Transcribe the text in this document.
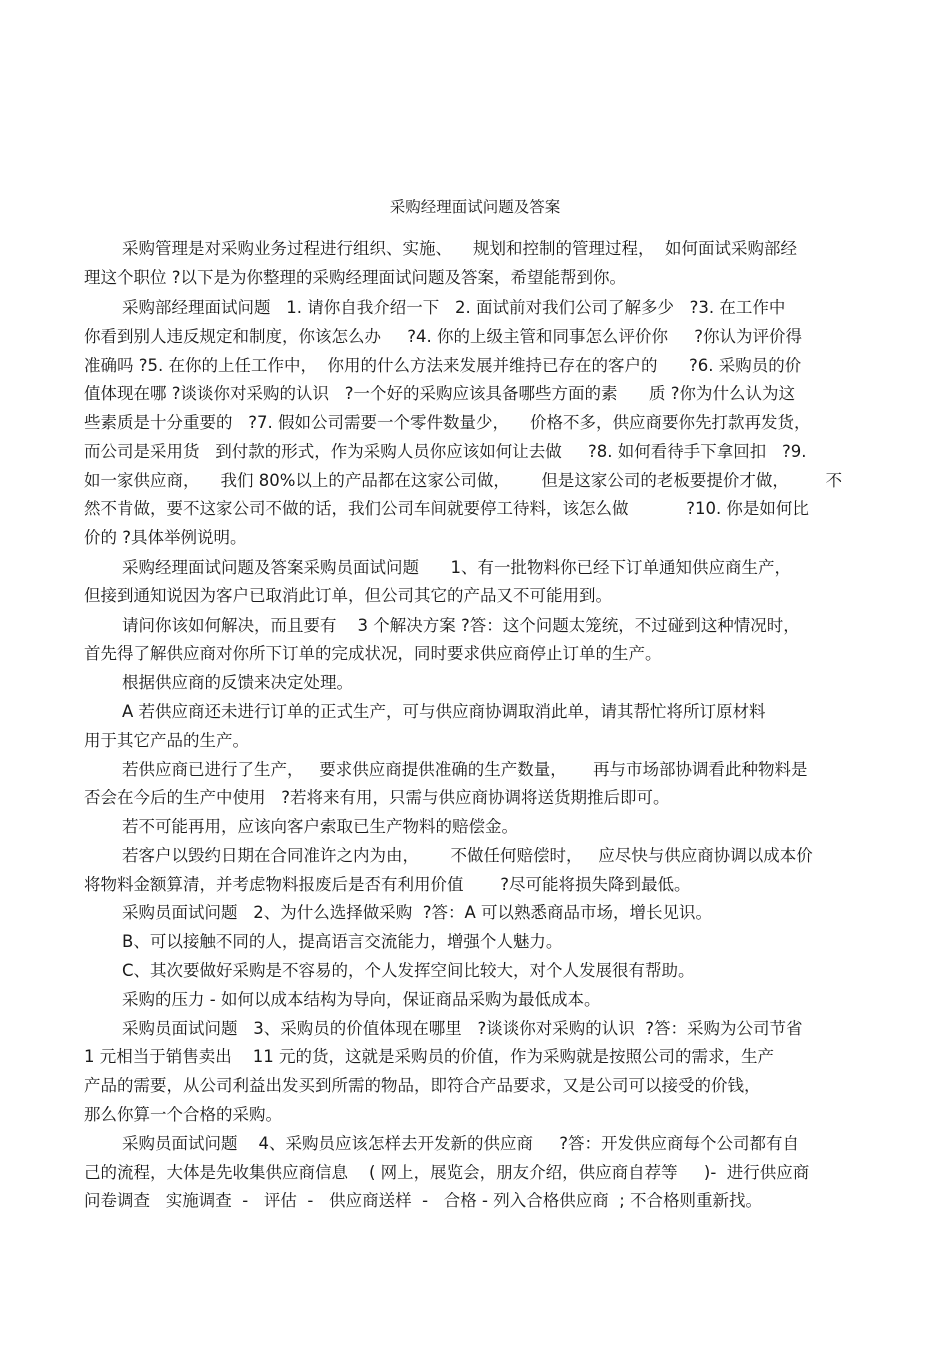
采购经理面试问题及答案
采购管理是对采购业务过程进行组织、实施、    规划和控制的管理过程，  如何面试采购部经
理这个职位 ?以下是为你整理的采购经理面试问题及答案，希望能帮到你。
采购部经理面试问题   1. 请你自我介绍一下   2. 面试前对我们公司了解多少   ?3. 在工作中
你看到别人违反规定和制度，你该怎么办     ?4. 你的上级主管和同事怎么评价你     ?你认为评价得
准确吗 ?5. 在你的上任工作中，  你用的什么方法来发展并维持已存在的客户的      ?6. 采购员的价
值体现在哪 ?谈谈你对采购的认识   ?一个好的采购应该具备哪些方面的素      质 ?你为什么认为这
些素质是十分重要的   ?7. 假如公司需要一个零件数量少，    价格不多，供应商要你先打款再发货，
而公司是采用货   到付款的形式，作为采购人员你应该如何让去做     ?8. 如何看待手下拿回扣   ?9.
如一家供应商，    我们 80%以上的产品都在这家公司做，      但是这家公司的老板要提价才做，       不
然不肯做，要不这家公司不做的话，我们公司车间就要停工待料，该怎么做           ?10. 你是如何比
价的 ?具体举例说明。
采购经理面试问题及答案采购员面试问题      1、有一批物料你已经下订单通知供应商生产，
但接到通知说因为客户已取消此订单，但公司其它的产品又不可能用到。
请问你该如何解决，而且要有    3 个解决方案 ?答：这个问题太笼统，不过碰到这种情况时，
首先得了解供应商对你所下订单的完成状况，同时要求供应商停止订单的生产。
根据供应商的反馈来决定处理。
A 若供应商还未进行订单的正式生产，可与供应商协调取消此单，请其帮忙将所订原材料
用于其它产品的生产。
若供应商已进行了生产，   要求供应商提供准确的生产数量，     再与市场部协调看此种物料是
否会在今后的生产中使用   ?若将来有用，只需与供应商协调将送货期推后即可。
若不可能再用，应该向客户索取已生产物料的赔偿金。
若客户以毁约日期在合同准许之内为由，      不做任何赔偿时，   应尽快与供应商协调以成本价
将物料金额算清，并考虑物料报废后是否有利用价值       ?尽可能将损失降到最低。
采购员面试问题   2、为什么选择做采购  ?答：A 可以熟悉商品市场，增长见识。
B、可以接触不同的人，提高语言交流能力，增强个人魅力。
C、其次要做好采购是不容易的，个人发挥空间比较大，对个人发展很有帮助。
采购的压力 - 如何以成本结构为导向，保证商品采购为最低成本。
采购员面试问题   3、采购员的价值体现在哪里   ?谈谈你对采购的认识  ?答：采购为公司节省
1 元相当于销售卖出    11 元的货，这就是采购员的价值，作为采购就是按照公司的需求，生产
产品的需要，从公司利益出发买到所需的物品，即符合产品要求，又是公司可以接受的价钱，
那么你算一个合格的采购。
采购员面试问题    4、采购员应该怎样去开发新的供应商     ?答：开发供应商每个公司都有自
己的流程，大体是先收集供应商信息    ( 网上，展览会，朋友介绍，供应商自荐等     )-  进行供应商
问卷调查   实施调查  -   评估  -   供应商送样  -   合格 - 列入合格供应商  ; 不合格则重新找。
